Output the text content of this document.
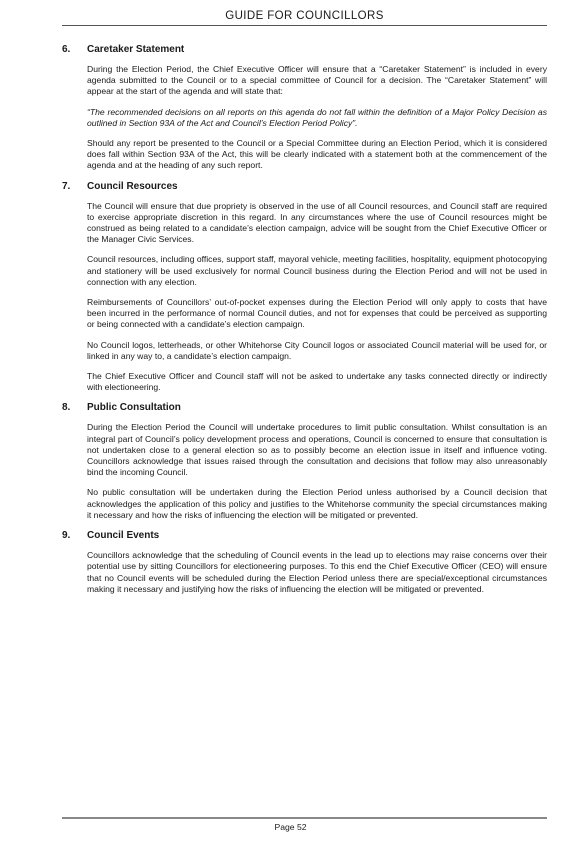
GUIDE FOR COUNCILLORS
6.	Caretaker Statement

During the Election Period, the Chief Executive Officer will ensure that a “Caretaker Statement” is included in every agenda submitted to the Council or to a special committee of Council for a decision. The “Caretaker Statement” will appear at the start of the agenda and will state that:

“The recommended decisions on all reports on this agenda do not fall within the definition of a Major Policy Decision as outlined in Section 93A of the Act and Council’s Election Period Policy”.

Should any report be presented to the Council or a Special Committee during an Election Period, which it is considered does fall within Section 93A of the Act, this will be clearly indicated with a statement both at the commencement of the agenda and at the heading of any such report.

7.	Council Resources

The Council will ensure that due propriety is observed in the use of all Council resources, and Council staff are required to exercise appropriate discretion in this regard. In any circumstances where the use of Council resources might be construed as being related to a candidate’s election campaign, advice will be sought from the Chief Executive Officer or the Manager Civic Services.

Council resources, including offices, support staff, mayoral vehicle, meeting facilities, hospitality, equipment photocopying and stationery will be used exclusively for normal Council business during the Election Period and will not be used in connection with any election.

Reimbursements of Councillors’ out-of-pocket expenses during the Election Period will only apply to costs that have been incurred in the performance of normal Council duties, and not for expenses that could be perceived as supporting or being connected with a candidate’s election campaign.

No Council logos, letterheads, or other Whitehorse City Council logos or associated Council material will be used for, or linked in any way to, a candidate’s election campaign.

The Chief Executive Officer and Council staff will not be asked to undertake any tasks connected directly or indirectly with electioneering.

8.	Public Consultation

During the Election Period the Council will undertake procedures to limit public consultation. Whilst consultation is an integral part of Council’s policy development process and operations, Council is concerned to ensure that consultation is not undertaken close to a general election so as to possibly become an election issue in itself and influence voting. Councillors acknowledge that issues raised through the consultation and decisions that follow may also unreasonably bind the incoming Council.

No public consultation will be undertaken during the Election Period unless authorised by a Council decision that acknowledges the application of this policy and justifies to the Whitehorse community the special circumstances making it necessary and how the risks of influencing the election will be mitigated or prevented.

9.	Council Events

Councillors acknowledge that the scheduling of Council events in the lead up to elections may raise concerns over their potential use by sitting Councillors for electioneering purposes. To this end the Chief Executive Officer (CEO) will ensure that no Council events will be scheduled during the Election Period unless there are special/exceptional circumstances making it necessary and justifying how the risks of influencing the election will be mitigated or prevented.

Page 52
